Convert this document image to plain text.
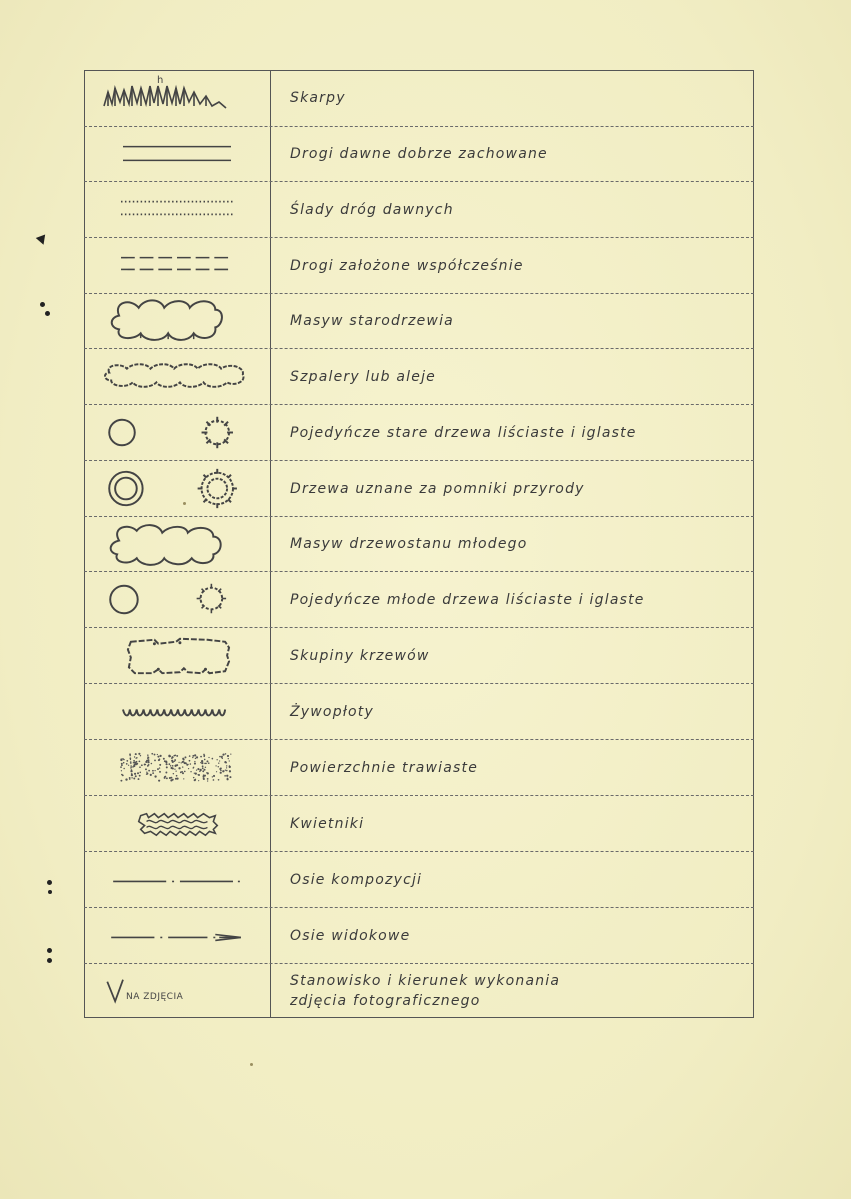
h
Skarpy
Drogi dawne dobrze zachowane
Ślady dróg dawnych
Drogi założone współcześnie
Masyw starodrzewia
Szpalery lub aleje
Pojedyńcze stare drzewa liściaste i iglaste
Drzewa uznane za pomniki przyrody
Masyw drzewostanu młodego
Pojedyńcze młode drzewa liściaste i iglaste
Skupiny krzewów
Żywopłoty
Powierzchnie trawiaste
Kwietniki
Osie kompozycji
Osie widokowe
NA ZDJĘCIA
Stanowisko i kierunek wykonania
zdjęcia fotograficznego
